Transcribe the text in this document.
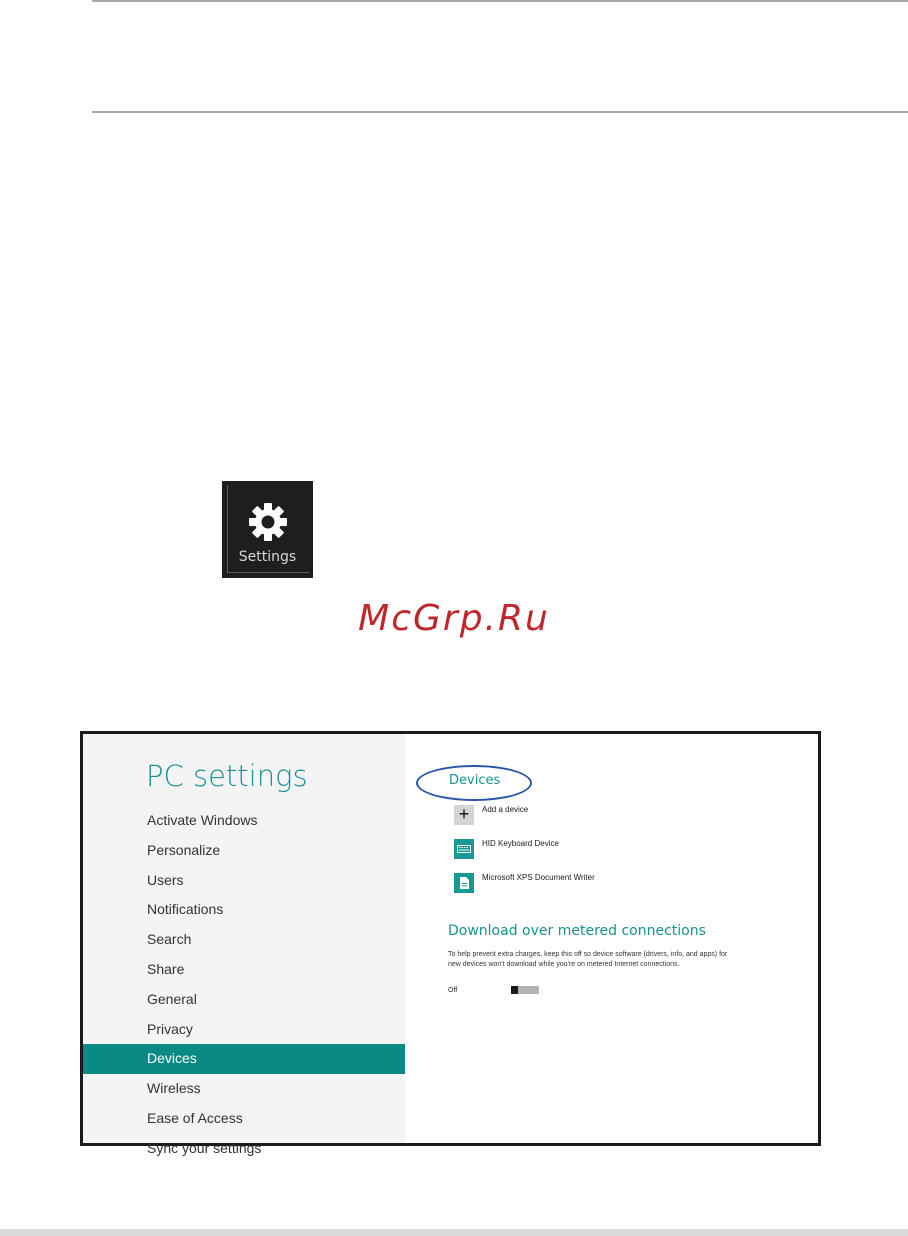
Settings
McGrp.Ru
PC settings
Activate Windows
Personalize
Users
Notifications
Search
Share
General
Privacy
Devices
Wireless
Ease of Access
Sync your settings
Devices
+	Add a device
HID Keyboard Device
Microsoft XPS Document Writer
Download over metered connections
To help prevent extra charges, keep this off so device software (drivers, info, and apps) for new devices won't download while you're on metered Internet connections.
Off
